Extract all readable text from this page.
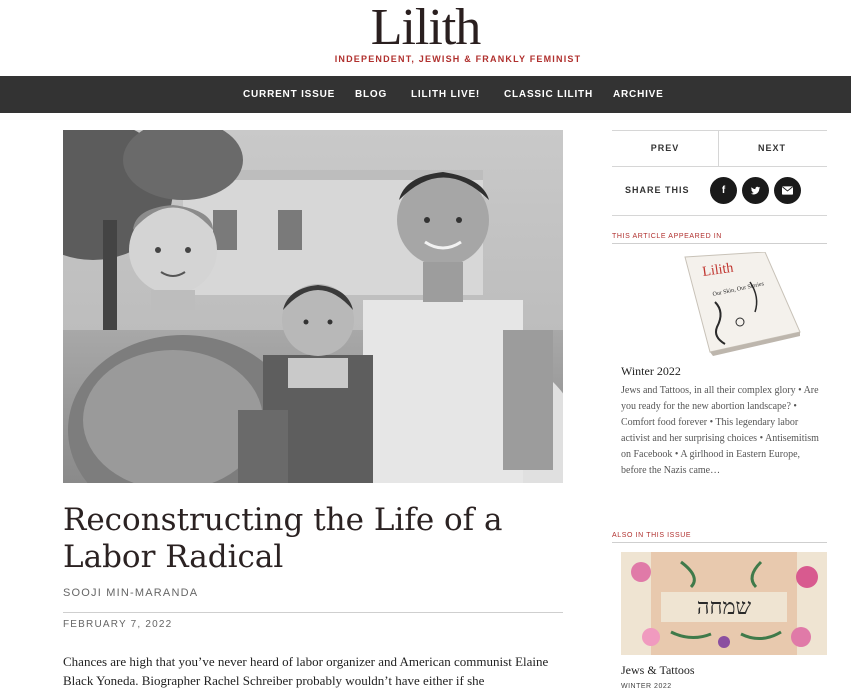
Lilith
INDEPENDENT, JEWISH & FRANKLY FEMINIST
CURRENT ISSUE BLOG LILITH LIVE! CLASSIC LILITH ARCHIVE
Reconstructing the Life of a Labor Radical
SOOJI MIN-MARANDA
FEBRUARY 7, 2022
Chances are high that you’ve never heard of labor organizer and American communist Elaine Black Yoneda. Biographer Rachel Schreiber probably wouldn’t have either if she
PREV	NEXT
SHARE THIS	f
THIS ARTICLE APPEARED IN
Lilith
Our Skin, Our Stories
Winter 2022
Jews and Tattoos, in all their complex glory • Are you ready for the new abortion landscape? • Comfort food forever • This legendary labor activist and her surprising choices • Antisemitism on Facebook • A girlhood in Eastern Europe, before the Nazis came…
ALSO IN THIS ISSUE
שמחה
Jews & Tattoos
WINTER 2022
